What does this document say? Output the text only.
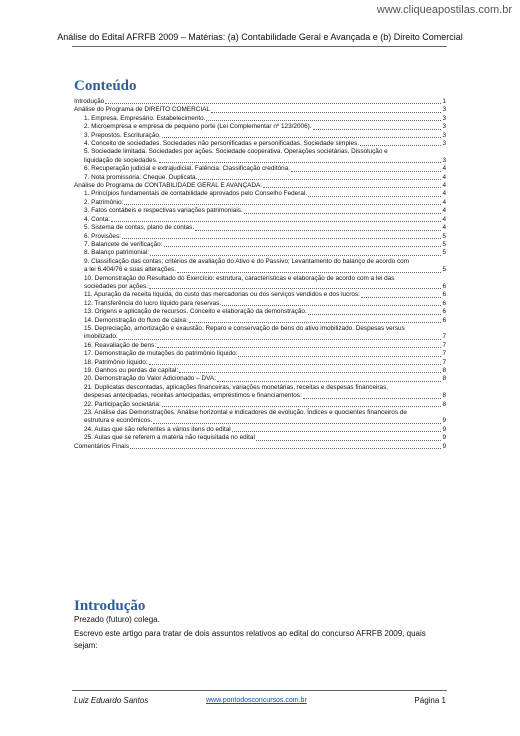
www.cliqueapostilas.com.br
Análise do Edital AFRFB 2009 – Matérias: (a) Contabilidade Geral e Avançada e (b) Direito Comercial
Conteúdo
Introdução	1
Análise do Programa de DIREITO COMERCIAL	3
1. Empresa. Empresário. Estabelecimento.	3
2. Microempresa e empresa de pequeno porte (Lei Complementar nº 123/2006).	3
3. Prepostos. Escrituração.	3
4. Conceito de sociedades. Sociedades não personificadas e personificadas. Sociedade simples.	3
5. Sociedade limitada. Sociedades por ações. Sociedade cooperativa. Operações societárias. Dissolução e
liquidação de sociedades.	3
6. Recuperação judicial e extrajudicial. Falência. Classificação creditória.	4
7. Nota promissória. Cheque. Duplicata.	4
Análise do Programa de CONTABILIDADE GERAL E AVANÇADA:	4
1. Princípios fundamentais de contabilidade aprovados pelo Conselho Federal.	4
2. Patrimônio:	4
3. Fatos contábeis e respectivas variações patrimoniais.	4
4. Conta:	4
5. Sistema de contas, plano de contas.	4
6. Provisões:	5
7. Balancete de verificação:	5
8. Balanço patrimonial:	5
9. Classificação das contas; critérios de avaliação do Ativo e do Passivo; Levantamento do balanço de acordo com
a lei 6.404/76 e suas alterações.	5
10. Demonstração do Resultado do Exercício: estrutura, características e elaboração de acordo com a lei das
sociedades por ações.	6
11. Apuração da receita líquida, do custo das mercadorias ou dos serviços vendidos e dos lucros:	6
12. Transferência do lucro líquido para reservas.	6
13. Origens e aplicação de recursos. Conceito e elaboração da demonstração.	6
14. Demonstração do fluxo de caixa:	6
15. Depreciação, amortização e exaustão. Reparo e conservação de bens do ativo imobilizado. Despesas versus
imobilizado.	7
16. Reavaliação de bens:	7
17. Demonstração de mutações do patrimônio líquido:	7
18. Patrimônio líquido:	7
19. Ganhos ou perdas de capital:	8
20. Demonstração do Valor Adicionado – DVA:	8
21. Duplicatas descontadas, aplicações financeiras, variações monetárias, receitas e despesas financeiras,
despesas antecipadas, receitas antecipadas, empréstimos e financiamentos:	8
22. Participação societária:	8
23. Análise das Demonstrações. Análise horizontal e indicadores de evolução. Índices e quocientes financeiros de
estrutura e econômicos.	9
24. Aulas que são referentes a vários itens do edital	9
25. Aulas que se referem a matéria não requisitada no edital	9
Comentários Finais	9
Introdução
Prezado (futuro) colega.
Escrevo este artigo para tratar de dois assuntos relativos ao edital do concurso AFRFB 2009, quais sejam:
Luiz Eduardo Santos	www.pontodosconcursos.com.br	Página 1
